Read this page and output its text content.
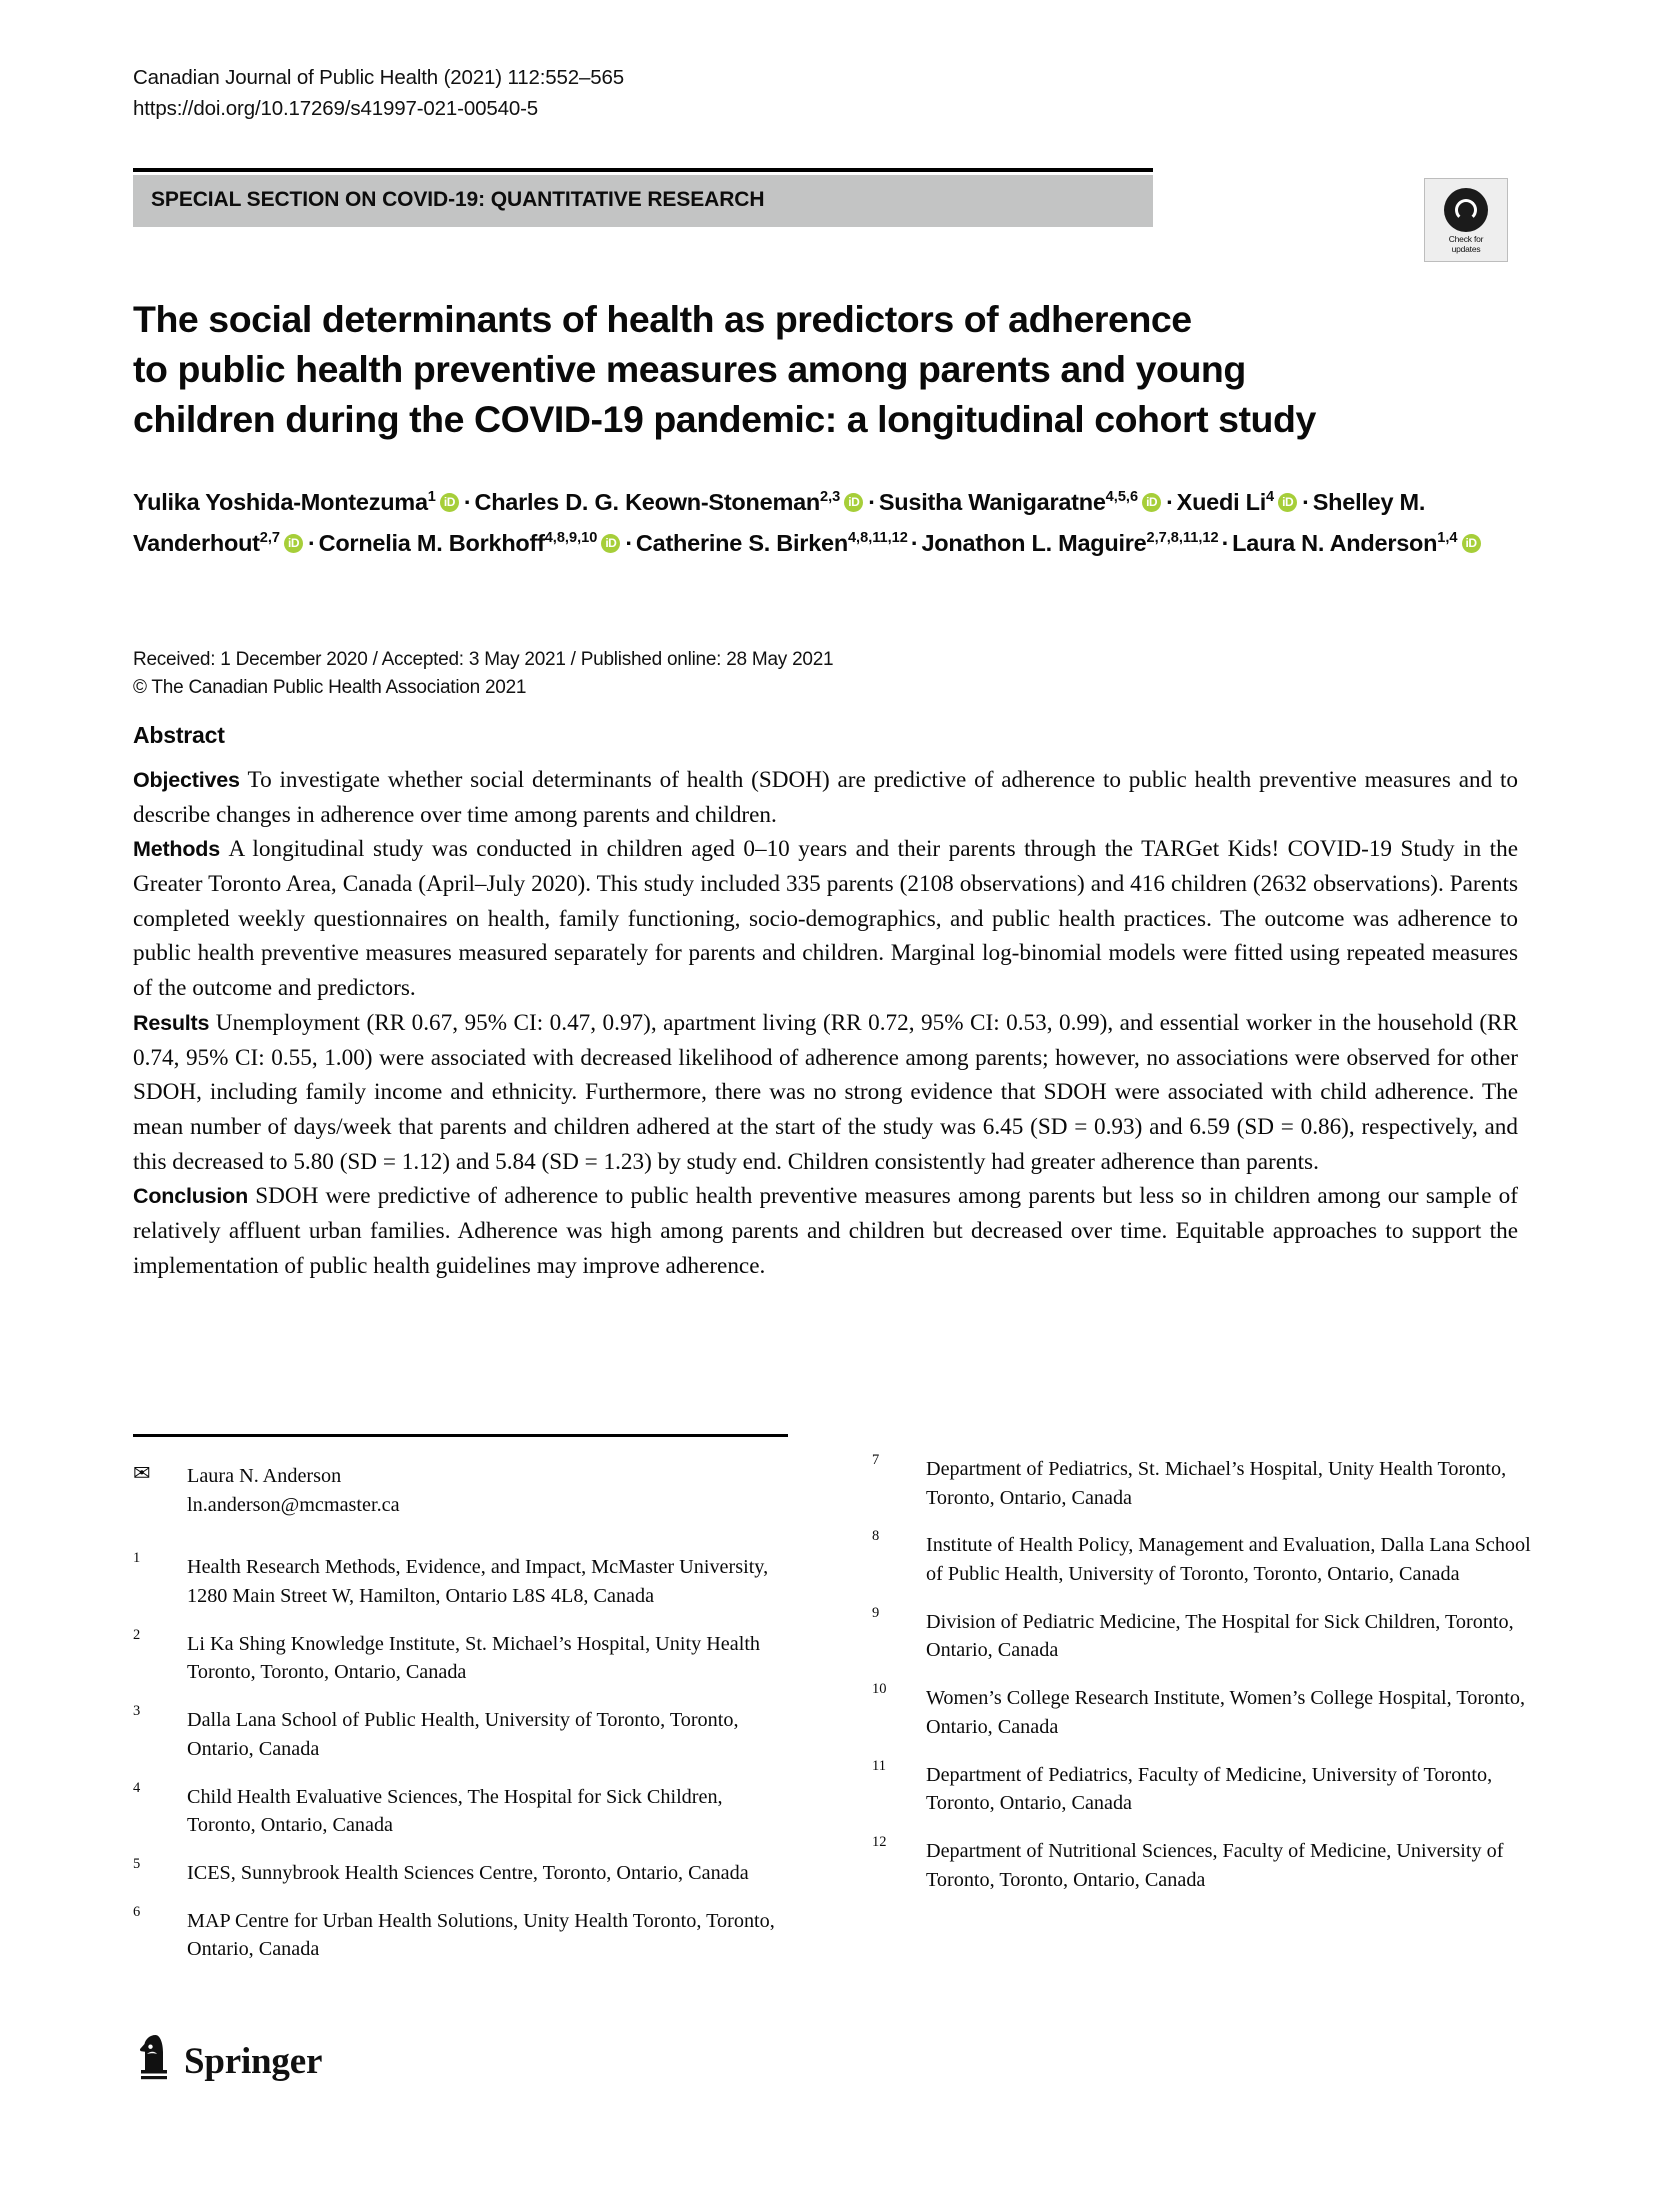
Canadian Journal of Public Health (2021) 112:552–565
https://doi.org/10.17269/s41997-021-00540-5
SPECIAL SECTION ON COVID-19: QUANTITATIVE RESEARCH
Check for
updates
The social determinants of health as predictors of adherence
to public health preventive measures among parents and young
children during the COVID-19 pandemic: a longitudinal cohort study
Yulika Yoshida-Montezuma$^1$ iD · Charles D. G. Keown-Stoneman$^{2,3}$ iD · Susitha Wanigaratne$^{4,5,6}$ iD · Xuedi $Li^4iD$ · Shelley M. Vanderhout$^{2,7}$ iD · Cornelia M. Borkhoff$^{4,8,9,10}$ iD · Catherine S. Birken$^{4,8,11,12}$ · Jonathon L. Maguire$^{2,7,8,11,12}$ · Laura N. Anderson$^{1,4}$iD
Received: 1 December 2020 / Accepted: 3 May 2021 / Published online: 28 May 2021
© The Canadian Public Health Association 2021
Abstract

Objectives To investigate whether social determinants of health (SDOH) are predictive of adherence to public health preventive measures and to describe changes in adherence over time among parents and children.

Methods A longitudinal study was conducted in children aged 0–10 years and their parents through the TARGet Kids! COVID-19 Study in the Greater Toronto Area, Canada (April–July 2020). This study included 335 parents (2108 observations) and 416 children (2632 observations). Parents completed weekly questionnaires on health, family functioning, socio-demographics, and public health practices. The outcome was adherence to public health preventive measures measured separately for parents and children. Marginal log-binomial models were fitted using repeated measures of the outcome and predictors.

Results Unemployment (RR 0.67, 95% CI: 0.47, 0.97), apartment living (RR 0.72, 95% CI: 0.53, 0.99), and essential worker in the household (RR 0.74, 95% CI: 0.55, 1.00) were associated with decreased likelihood of adherence among parents; however, no associations were observed for other SDOH, including family income and ethnicity. Furthermore, there was no strong evidence that SDOH were associated with child adherence. The mean number of days/week that parents and children adhered at the start of the study was 6.45 (SD = 0.93) and 6.59 (SD = 0.86), respectively, and this decreased to 5.80 (SD = 1.12) and 5.84 (SD = 1.23) by study end. Children consistently had greater adherence than parents.

Conclusion SDOH were predictive of adherence to public health preventive measures among parents but less so in children among our sample of relatively affluent urban families. Adherence was high among parents and children but decreased over time. Equitable approaches to support the implementation of public health guidelines may improve adherence.

✉	Laura N. Anderson
ln.anderson@mcmaster.ca
1	Health Research Methods, Evidence, and Impact, McMaster University, 1280 Main Street W, Hamilton, Ontario L8S 4L8, Canada
2	Li Ka Shing Knowledge Institute, St. Michael’s Hospital, Unity Health Toronto, Toronto, Ontario, Canada
3	Dalla Lana School of Public Health, University of Toronto, Toronto, Ontario, Canada
4	Child Health Evaluative Sciences, The Hospital for Sick Children, Toronto, Ontario, Canada
5	ICES, Sunnybrook Health Sciences Centre, Toronto, Ontario, Canada
6	MAP Centre for Urban Health Solutions, Unity Health Toronto, Toronto, Ontario, Canada
7	Department of Pediatrics, St. Michael’s Hospital, Unity Health Toronto, Toronto, Ontario, Canada
8	Institute of Health Policy, Management and Evaluation, Dalla Lana School of Public Health, University of Toronto, Toronto, Ontario, Canada
9	Division of Pediatric Medicine, The Hospital for Sick Children, Toronto, Ontario, Canada
10	Women’s College Research Institute, Women’s College Hospital, Toronto, Ontario, Canada
11	Department of Pediatrics, Faculty of Medicine, University of Toronto, Toronto, Ontario, Canada
12	Department of Nutritional Sciences, Faculty of Medicine, University of Toronto, Toronto, Ontario, Canada
Springer
